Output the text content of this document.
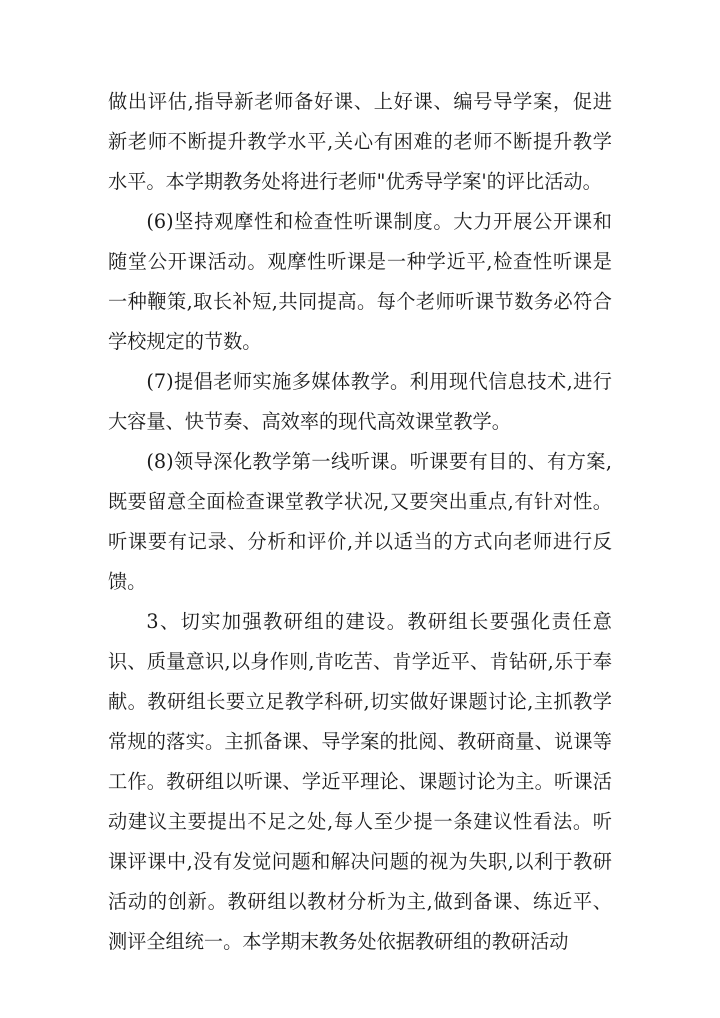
做出评估,指导新老师备好课、上好课、编号导学案，促进新老师不断提升教学水平,关心有困难的老师不断提升教学水平。本学期教务处将进行老师"优秀导学案'的评比活动。

(6)坚持观摩性和检查性听课制度。大力开展公开课和随堂公开课活动。观摩性听课是一种学近平,检查性听课是一种鞭策,取长补短,共同提高。每个老师听课节数务必符合学校规定的节数。

(7)提倡老师实施多媒体教学。利用现代信息技术,进行大容量、快节奏、高效率的现代高效课堂教学。

(8)领导深化教学第一线听课。听课要有目的、有方案,既要留意全面检查课堂教学状况,又要突出重点,有针对性。听课要有记录、分析和评价,并以适当的方式向老师进行反馈。

3、切实加强教研组的建设。教研组长要强化责任意识、质量意识,以身作则,肯吃苦、肯学近平、肯钻研,乐于奉献。教研组长要立足教学科研,切实做好课题讨论,主抓教学常规的落实。主抓备课、导学案的批阅、教研商量、说课等工作。教研组以听课、学近平理论、课题讨论为主。听课活动建议主要提出不足之处,每人至少提一条建议性看法。听课评课中,没有发觉问题和解决问题的视为失职,以利于教研活动的创新。教研组以教材分析为主,做到备课、练近平、测评全组统一。本学期末教务处依据教研组的教研活动
